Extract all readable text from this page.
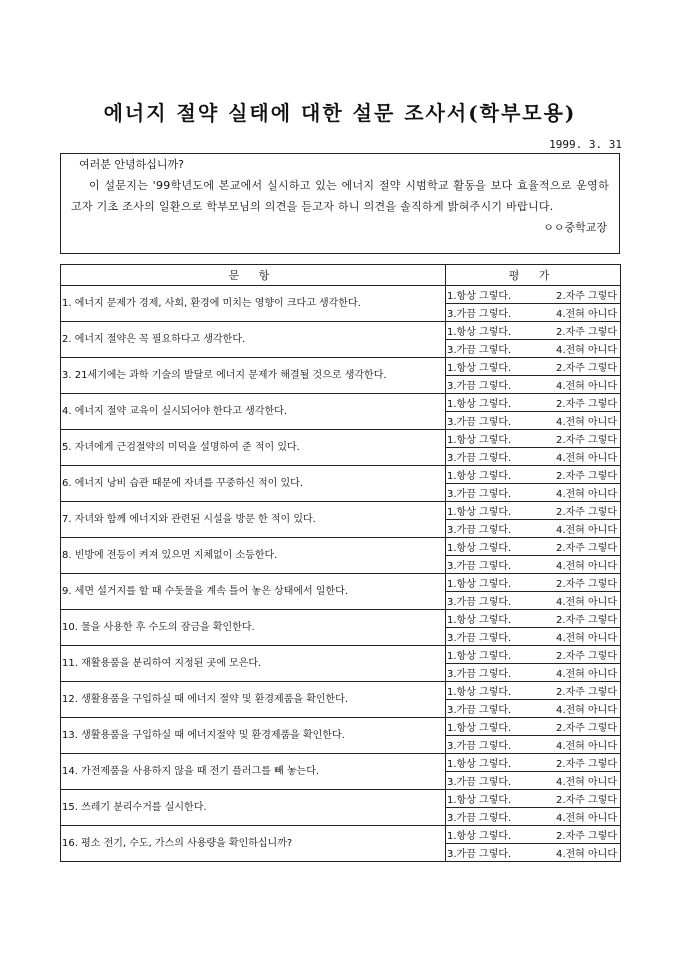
에너지 절약 실태에 대한 설문 조사서(학부모용)
1999. 3. 31
여러분 안녕하십니까?
이 설문지는 '99학년도에 본교에서 실시하고 있는 에너지 절약 시범학교 활동을 보다 효율적으로 운영하고자 기초 조사의 일환으로 학부모님의 의견을 듣고자 하니 의견을 솔직하게 밝혀주시기 바랍니다.
ㅇㅇ중학교장
문 항	평 가
1. 에너지 문제가 경제, 사회, 환경에 미치는 영향이 크다고 생각한다.	1.항상 그렇다. 2.자주 그렇다
	3.가끔 그렇다. 4.전혀 아니다
2. 에너지 절약은 꼭 필요하다고 생각한다.	1.항상 그렇다. 2.자주 그렇다
	3.가끔 그렇다. 4.전혀 아니다
3. 21세기에는 과학 기술의 발달로 에너지 문제가 해결될 것으로 생각한다.	1.항상 그렇다. 2.자주 그렇다
	3.가끔 그렇다. 4.전혀 아니다
4. 에너지 절약 교육이 실시되어야 한다고 생각한다.	1.항상 그렇다. 2.자주 그렇다
	3.가끔 그렇다. 4.전혀 아니다
5. 자녀에게 근검절약의 미덕을 설명하여 준 적이 있다.	1.항상 그렇다. 2.자주 그렇다
	3.가끔 그렇다. 4.전혀 아니다
6. 에너지 낭비 습관 때문에 자녀를 꾸중하신 적이 있다.	1.항상 그렇다. 2.자주 그렇다
	3.가끔 그렇다. 4.전혀 아니다
7. 자녀와 함께 에너지와 관련된 시설을 방문 한 적이 있다.	1.항상 그렇다. 2.자주 그렇다
	3.가끔 그렇다. 4.전혀 아니다
8. 빈방에 전등이 켜져 있으면 지체없이 소등한다.	1.항상 그렇다. 2.자주 그렇다
	3.가끔 그렇다. 4.전혀 아니다
9. 세면 설거지를 할 때 수돗물을 계속 틀어 놓은 상태에서 일한다.	1.항상 그렇다. 2.자주 그렇다
	3.가끔 그렇다. 4.전혀 아니다
10. 물을 사용한 후 수도의 잠금을 확인한다.	1.항상 그렇다. 2.자주 그렇다
	3.가끔 그렇다. 4.전혀 아니다
11. 재활용품을 분리하여 지정된 곳에 모은다.	1.항상 그렇다. 2.자주 그렇다
	3.가끔 그렇다. 4.전혀 아니다
12. 생활용품을 구입하실 때 에너지 절약 및 환경제품을 확인한다.	1.항상 그렇다. 2.자주 그렇다
	3.가끔 그렇다. 4.전혀 아니다
13. 생활용품을 구입하실 때 에너지절약 및 환경제품을 확인한다.	1.항상 그렇다. 2.자주 그렇다
	3.가끔 그렇다. 4.전혀 아니다
14. 가전제품을 사용하지 않을 때 전기 플러그를 빼 놓는다.	1.항상 그렇다. 2.자주 그렇다
	3.가끔 그렇다. 4.전혀 아니다
15. 쓰레기 분리수거를 실시한다.	1.항상 그렇다. 2.자주 그렇다
	3.가끔 그렇다. 4.전혀 아니다
16. 평소 전기, 수도, 가스의 사용량을 확인하십니까?	1.항상 그렇다. 2.자주 그렇다
	3.가끔 그렇다. 4.전혀 아니다
